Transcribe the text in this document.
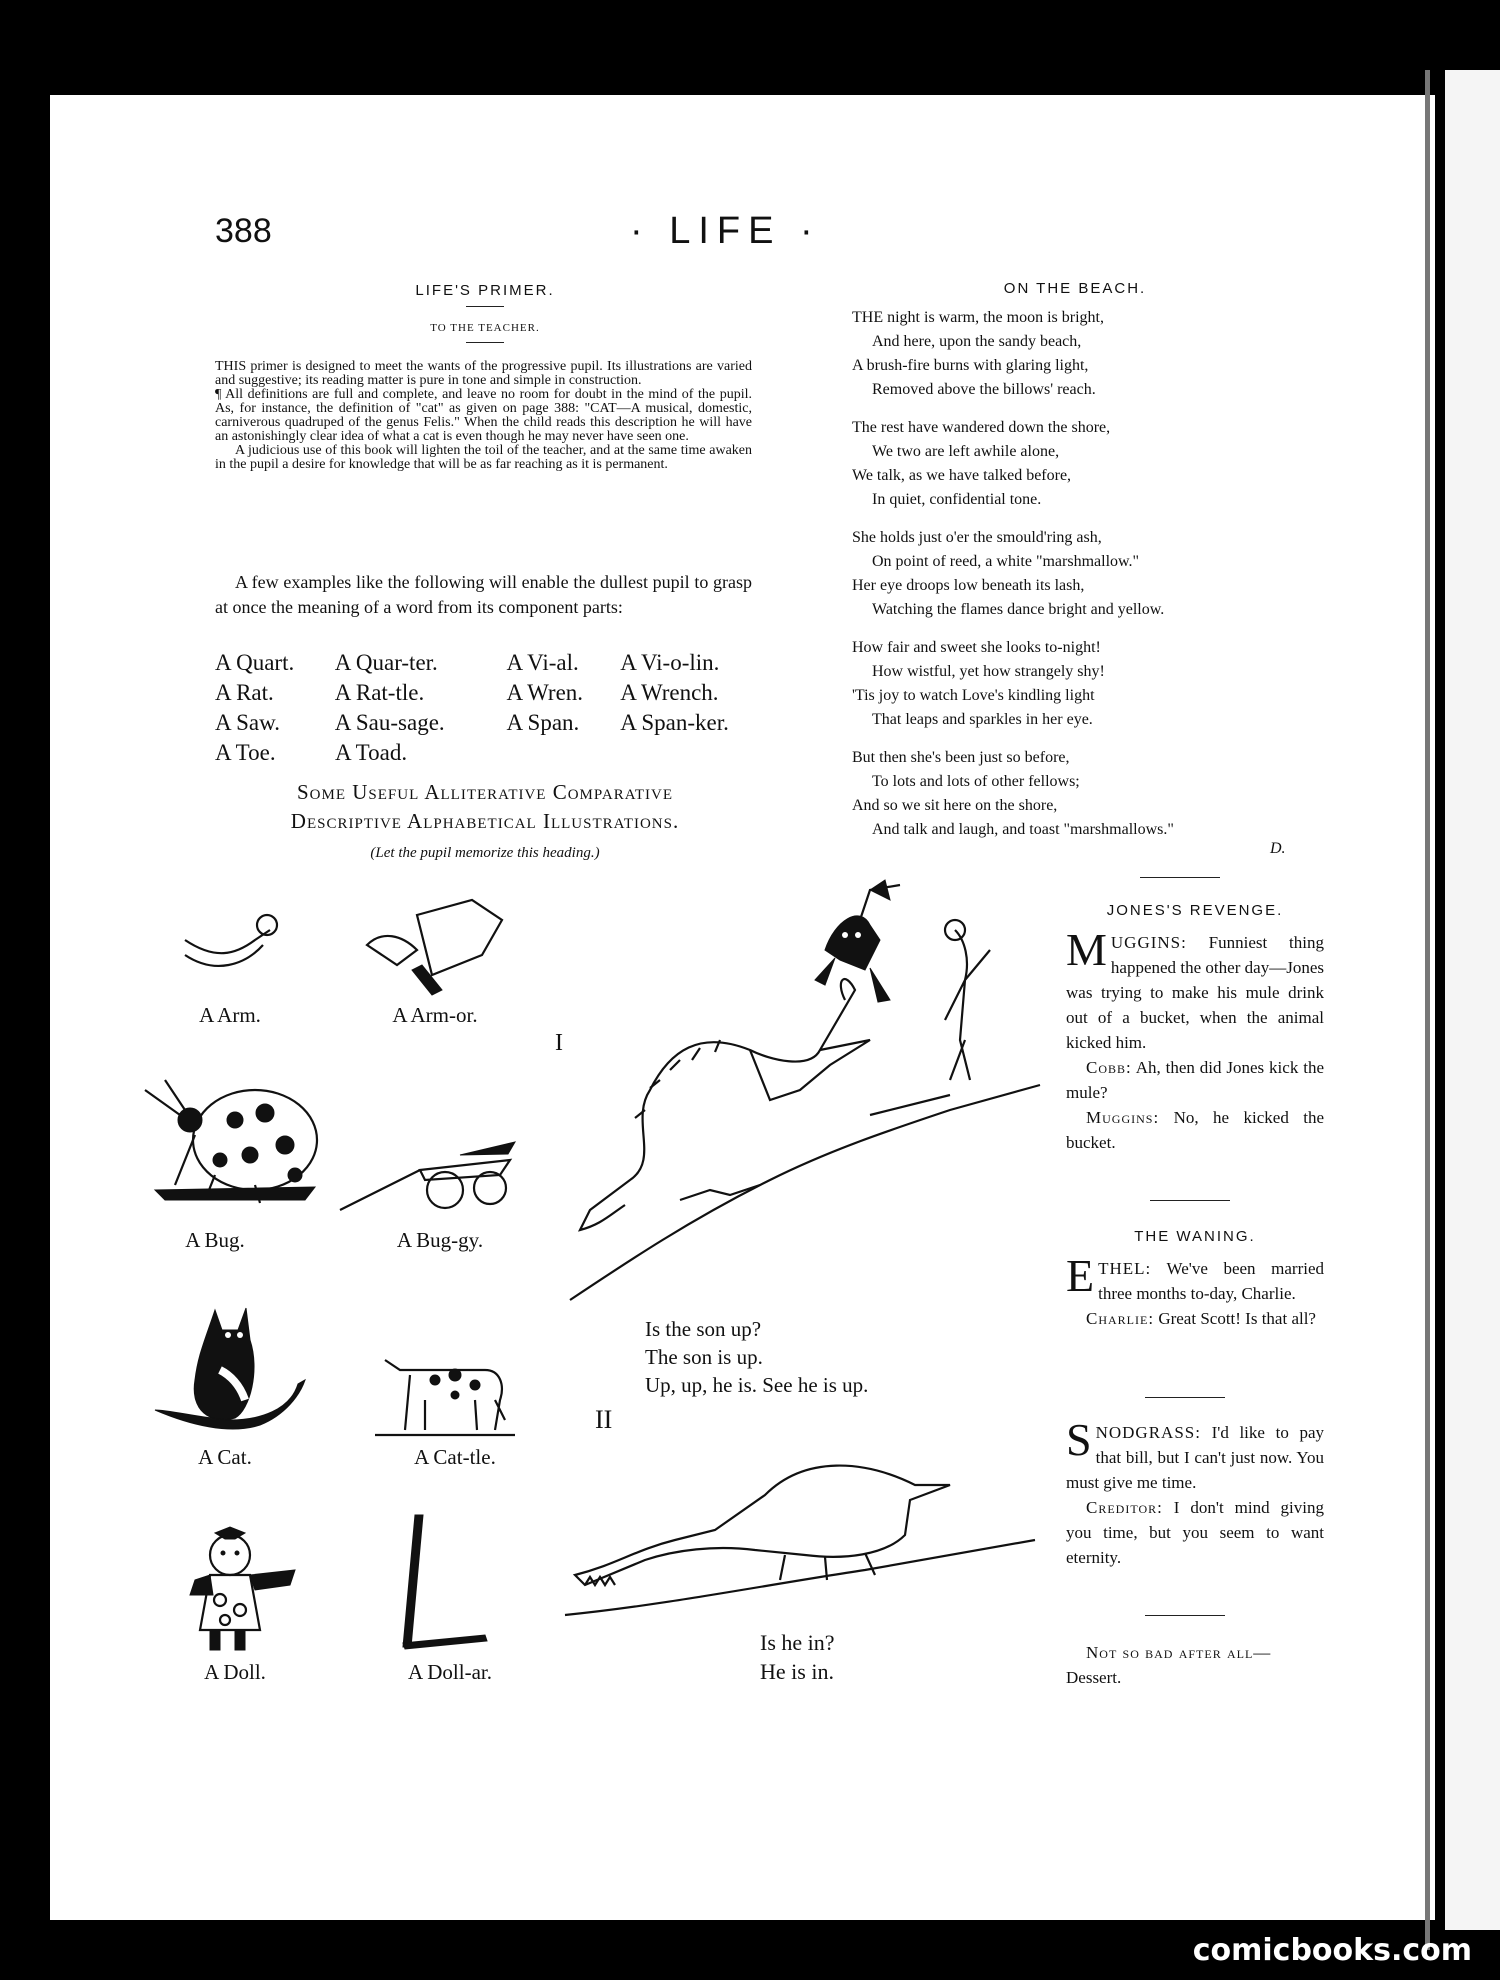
388	· LIFE ·
LIFE'S PRIMER.
TO THE TEACHER.

THIS primer is designed to meet the wants of the progressive pupil. Its illustrations are varied and suggestive; its reading matter is pure in tone and simple in construction.

¶ All definitions are full and complete, and leave no room for doubt in the mind of the pupil. As, for instance, the definition of "cat" as given on page 388: "CAT—A musical, domestic, carniverous quadruped of the genus Felis." When the child reads this description he will have an astonishingly clear idea of what a cat is even though he may never have seen one.

A judicious use of this book will lighten the toil of the teacher, and at the same time awaken in the pupil a desire for knowledge that will be as far reaching as it is permanent.

A few examples like the following will enable the dullest pupil to grasp at once the meaning of a word from its component parts:
A Quart.	A Quar-ter.	A Vi-al.	A Vi-o-lin.
A Rat.	A Rat-tle.	A Wren.	A Wrench.
A Saw.	A Sau-sage.	A Span.	A Span-ker.
A Toe.	A Toad.
Some Useful Alliterative Comparative
Descriptive Alphabetical Illustrations.
(Let the pupil memorize this heading.)
A Arm.	A Arm-or.
A Bug.	A Bug-gy.
A Cat.	A Cat-tle.
A Doll.	A Doll-ar.
I
Is the son up?
The son is up.
Up, up, he is. See he is up.
II
Is he in?
He is in.
ON THE BEACH.

THE night is warm, the moon is bright,

And here, upon the sandy beach,

A brush-fire burns with glaring light,

Removed above the billows' reach.

The rest have wandered down the shore,

We two are left awhile alone,

We talk, as we have talked before,

In quiet, confidential tone.

She holds just o'er the smould'ring ash,

On point of reed, a white "marshmallow."

Her eye droops low beneath its lash,

Watching the flames dance bright and yellow.

How fair and sweet she looks to-night!

How wistful, yet how strangely shy!

'Tis joy to watch Love's kindling light

That leaps and sparkles in her eye.

But then she's been just so before,

To lots and lots of other fellows;

And so we sit here on the shore,

And talk and laugh, and toast "marshmallows."

D.
JONES'S REVENGE.

MUGGINS: Funniest thing happened the other day—Jones was trying to make his mule drink out of a bucket, when the animal kicked him.

Cobb: Ah, then did Jones kick the mule?

Muggins: No, he kicked the bucket.

THE WANING.

ETHEL: We've been married three months to-day, Charlie.

Charlie: Great Scott! Is that all?

SNODGRASS: I'd like to pay that bill, but I can't just now. You must give me time.

Creditor: I don't mind giving you time, but you seem to want eternity.

Not so bad after all—

Dessert.

comicbooks.com
